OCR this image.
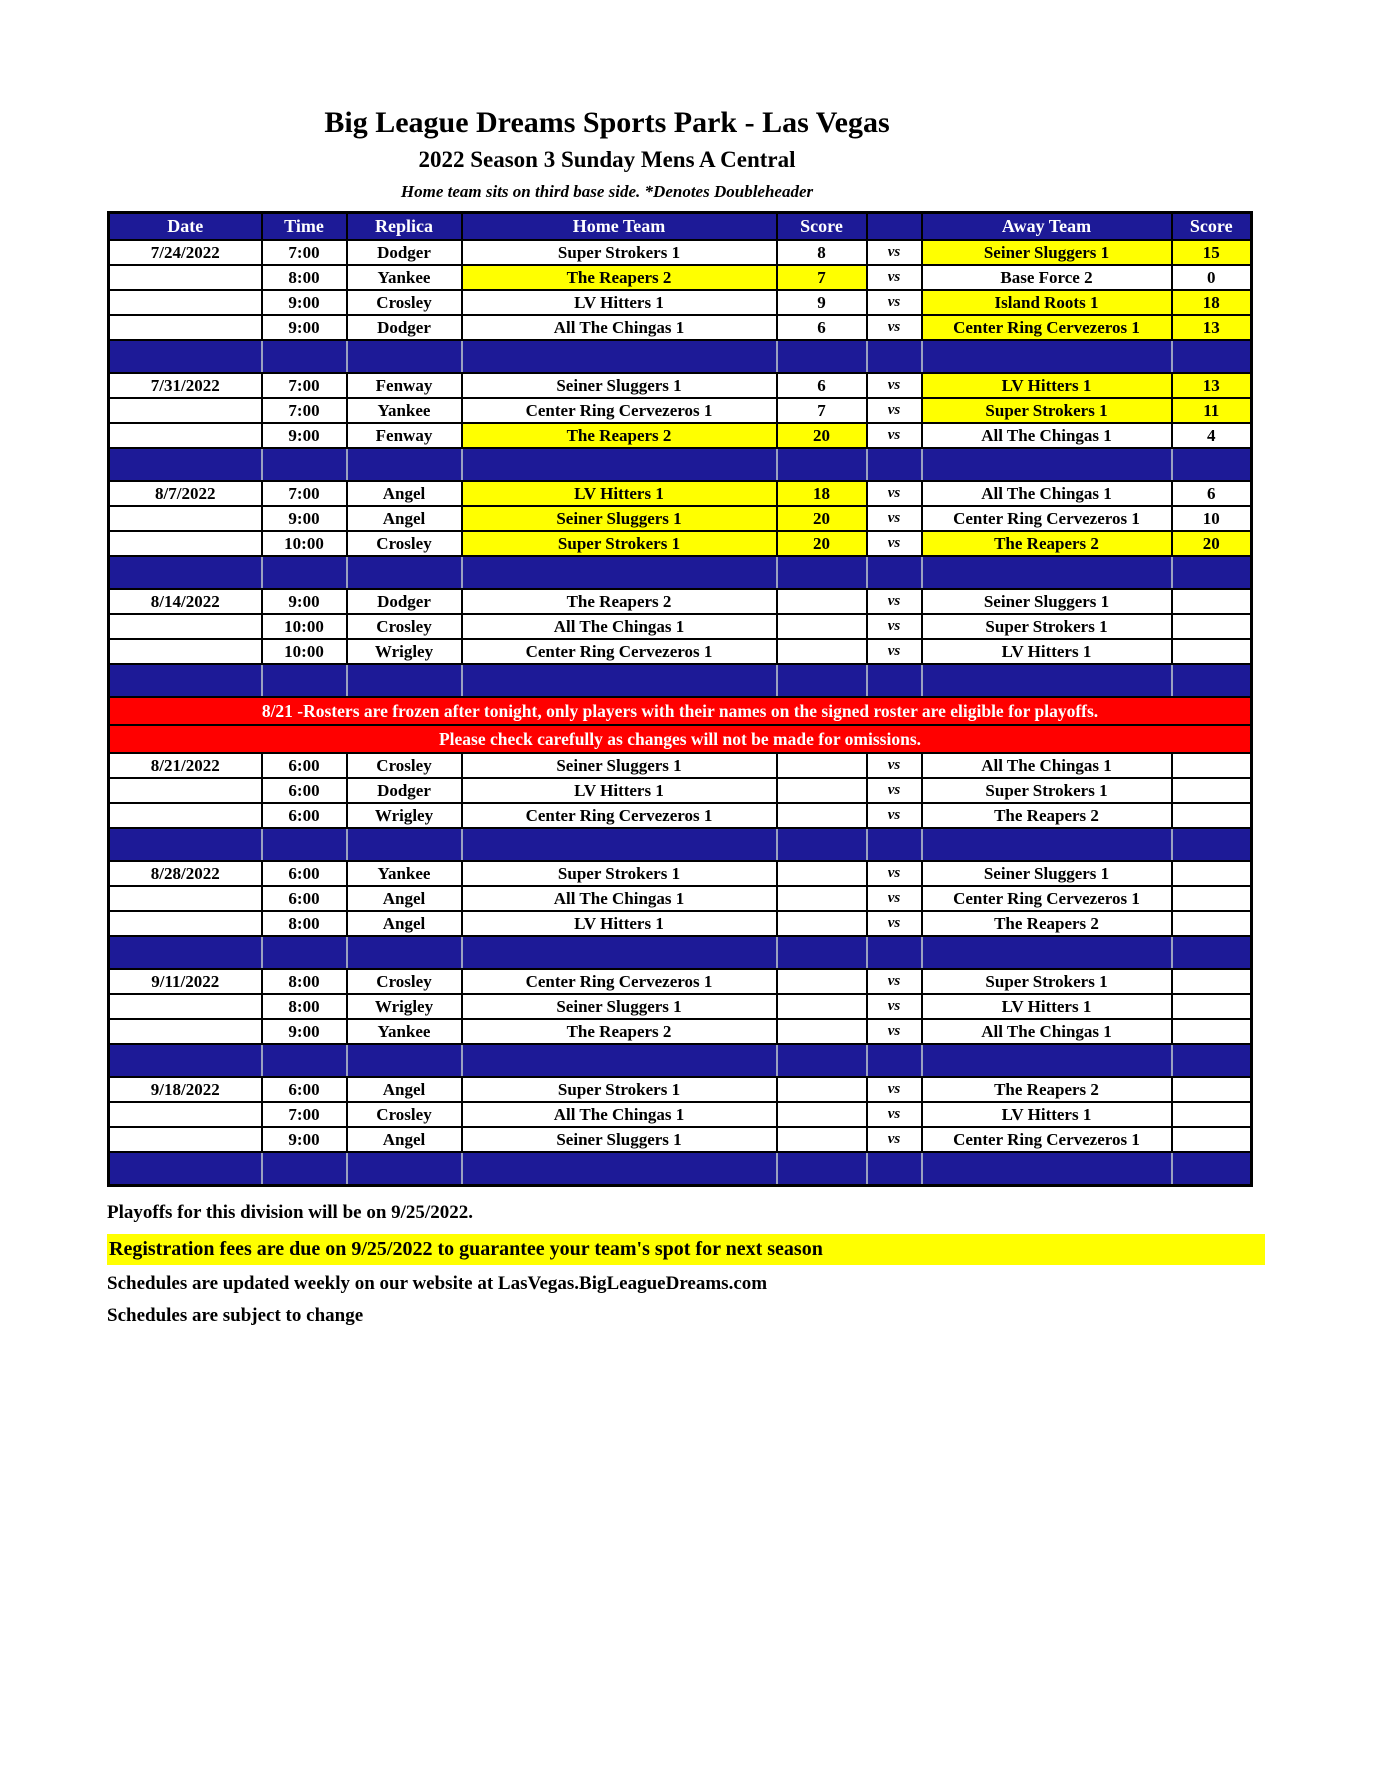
Big League Dreams Sports Park - Las Vegas
2022 Season 3 Sunday Mens A Central
Home team sits on third base side. *Denotes Doubleheader
Date	Time	Replica	Home Team	Score		Away Team	Score
7/24/2022	7:00	Dodger	Super Strokers 1	8	vs	Seiner Sluggers 1	15
	8:00	Yankee	The Reapers 2	7	vs	Base Force 2	0
	9:00	Crosley	LV Hitters 1	9	vs	Island Roots 1	18
	9:00	Dodger	All The Chingas 1	6	vs	Center Ring Cervezeros 1	13

7/31/2022	7:00	Fenway	Seiner Sluggers 1	6	vs	LV Hitters 1	13
	7:00	Yankee	Center Ring Cervezeros 1	7	vs	Super Strokers 1	11
	9:00	Fenway	The Reapers 2	20	vs	All The Chingas 1	4

8/7/2022	7:00	Angel	LV Hitters 1	18	vs	All The Chingas 1	6
	9:00	Angel	Seiner Sluggers 1	20	vs	Center Ring Cervezeros 1	10
	10:00	Crosley	Super Strokers 1	20	vs	The Reapers 2	20

8/14/2022	9:00	Dodger	The Reapers 2		vs	Seiner Sluggers 1	
	10:00	Crosley	All The Chingas 1		vs	Super Strokers 1	
	10:00	Wrigley	Center Ring Cervezeros 1		vs	LV Hitters 1	

8/21 -Rosters are frozen after tonight, only players with their names on the signed roster are eligible for playoffs.							
Please check carefully as changes will not be made for omissions.							
8/21/2022	6:00	Crosley	Seiner Sluggers 1		vs	All The Chingas 1	
	6:00	Dodger	LV Hitters 1		vs	Super Strokers 1	
	6:00	Wrigley	Center Ring Cervezeros 1		vs	The Reapers 2	

8/28/2022	6:00	Yankee	Super Strokers 1		vs	Seiner Sluggers 1	
	6:00	Angel	All The Chingas 1		vs	Center Ring Cervezeros 1	
	8:00	Angel	LV Hitters 1		vs	The Reapers 2	

9/11/2022	8:00	Crosley	Center Ring Cervezeros 1		vs	Super Strokers 1	
	8:00	Wrigley	Seiner Sluggers 1		vs	LV Hitters 1	
	9:00	Yankee	The Reapers 2		vs	All The Chingas 1	

9/18/2022	6:00	Angel	Super Strokers 1		vs	The Reapers 2	
	7:00	Crosley	All The Chingas 1		vs	LV Hitters 1	
	9:00	Angel	Seiner Sluggers 1		vs	Center Ring Cervezeros 1	

Playoffs for this division will be on 9/25/2022.
Registration fees are due on 9/25/2022 to guarantee your team's spot for next season
Schedules are updated weekly on our website at LasVegas.BigLeagueDreams.com
Schedules are subject to change
